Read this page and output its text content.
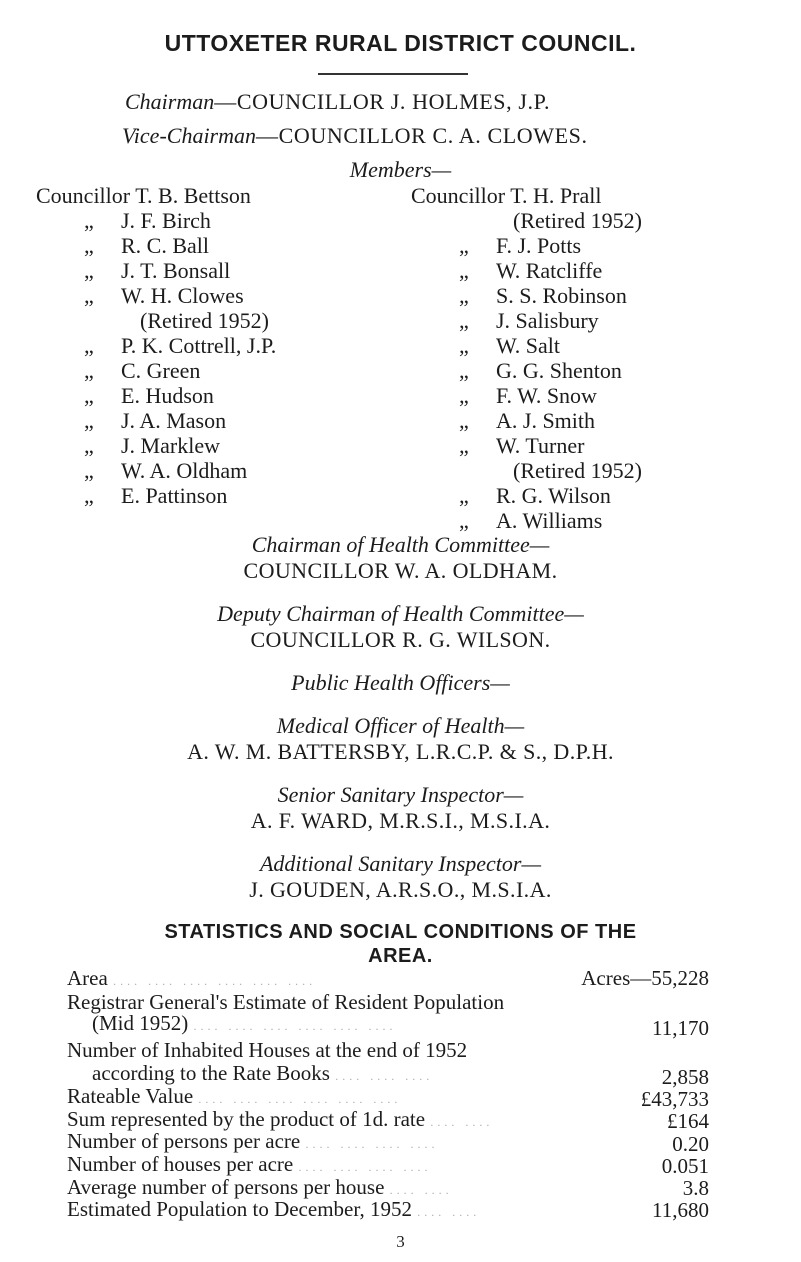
UTTOXETER RURAL DISTRICT COUNCIL.
Chairman—COUNCILLOR J. HOLMES, J.P.
Vice-Chairman—COUNCILLOR C. A. CLOWES.
Members—
Councillor T. B. Bettson
„ J. F. Birch
„ R. C. Ball
„ J. T. Bonsall
„ W. H. Clowes
(Retired 1952)
„ P. K. Cottrell, J.P.
„ C. Green
„ E. Hudson
„ J. A. Mason
„ J. Marklew
„ W. A. Oldham
„ E. Pattinson
Councillor T. H. Prall
(Retired 1952)
„ F. J. Potts
„ W. Ratcliffe
„ S. S. Robinson
„ J. Salisbury
„ W. Salt
„ G. G. Shenton
„ F. W. Snow
„ A. J. Smith
„ W. Turner
(Retired 1952)
„ R. G. Wilson
„ A. Williams
Chairman of Health Committee—
COUNCILLOR W. A. OLDHAM.
Deputy Chairman of Health Committee—
COUNCILLOR R. G. WILSON.
Public Health Officers—
Medical Officer of Health—
A. W. M. BATTERSBY, L.R.C.P. & S., D.P.H.
Senior Sanitary Inspector—
A. F. WARD, M.R.S.I., M.S.I.A.
Additional Sanitary Inspector—
J. GOUDEN, A.R.S.O., M.S.I.A.
STATISTICS AND SOCIAL CONDITIONS OF THE
AREA.
Area .... .... .... .... .... ....	Acres—55,228
Registrar General's Estimate of Resident Population
(Mid 1952) .... .... .... .... .... ....	11,170
Number of Inhabited Houses at the end of 1952
according to the Rate Books .... .... ....	2,858
Rateable Value .... .... .... .... .... ....	£43,733
Sum represented by the product of 1d. rate .... ....	£164
Number of persons per acre .... .... .... ....	0.20
Number of houses per acre .... .... .... ....	0.051
Average number of persons per house .... ....	3.8
Estimated Population to December, 1952 .... ....	11,680
3
